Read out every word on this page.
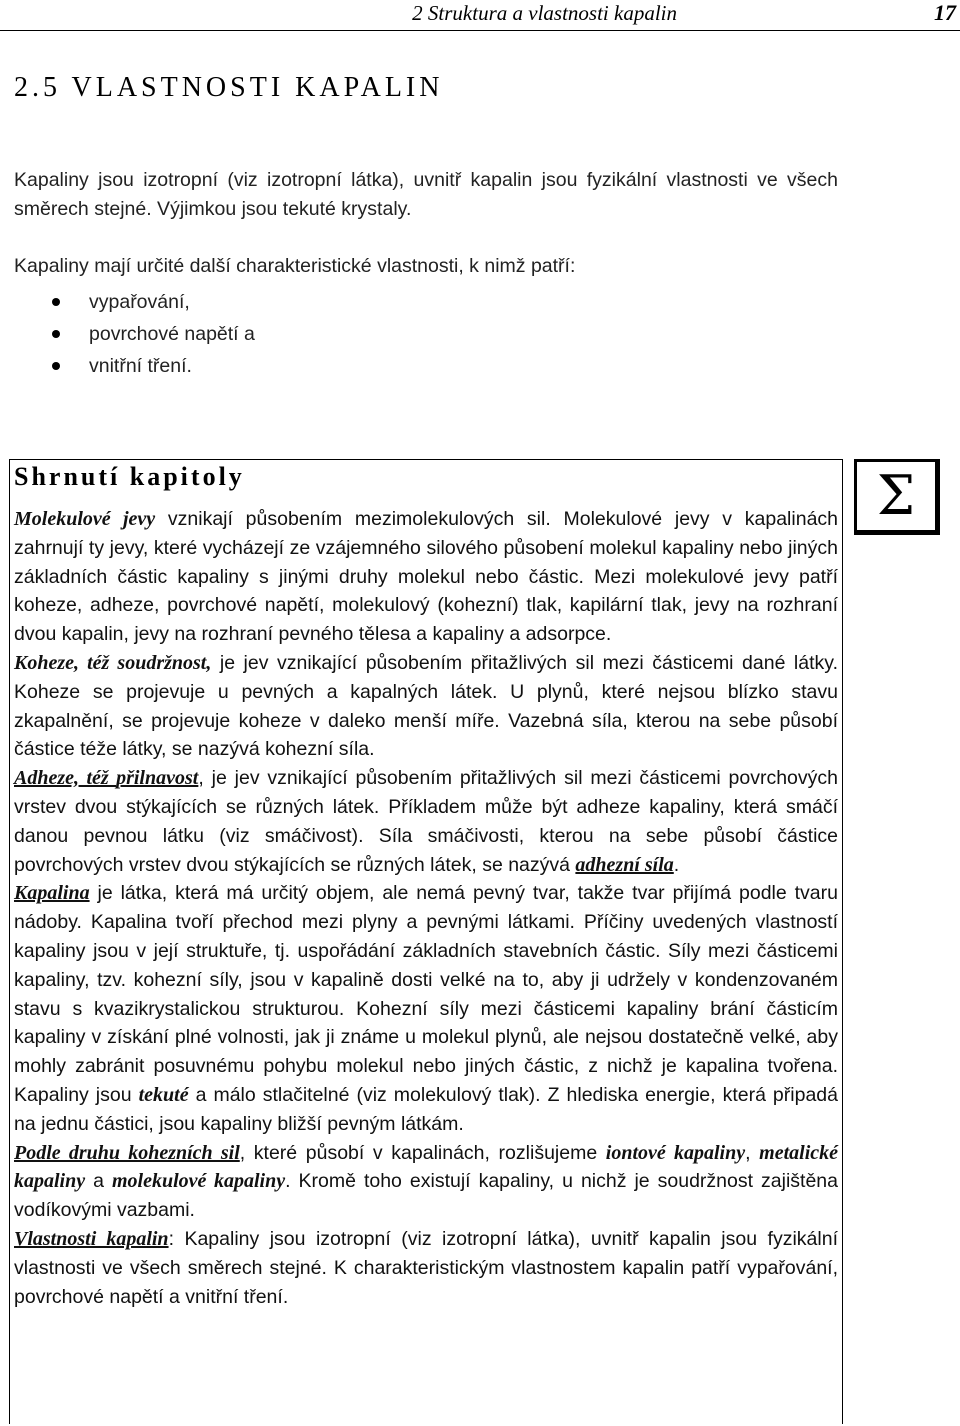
2 Struktura a vlastnosti kapalin	17
2.5 VLASTNOSTI KAPALIN
Kapaliny jsou izotropní (viz izotropní látka), uvnitř kapalin jsou fyzikální vlastnosti ve všech směrech stejné. Výjimkou jsou tekuté krystaly.
Kapaliny mají určité další charakteristické vlastnosti, k nimž patří:
vypařování,
povrchové napětí a
vnitřní tření.
Shrnutí kapitoly	Σ

Molekulové jevy vznikají působením mezimolekulových sil. Molekulové jevy v kapalinách zahrnují ty jevy, které vycházejí ze vzájemného silového působení molekul kapaliny nebo jiných základních částic kapaliny s jinými druhy molekul nebo částic. Mezi molekulové jevy patří koheze, adheze, povrchové napětí, molekulový (kohezní) tlak, kapilární tlak, jevy na rozhraní dvou kapalin, jevy na rozhraní pevného tělesa a kapaliny a adsorpce.

Koheze, též soudržnost, je jev vznikající působením přitažlivých sil mezi částicemi dané látky. Koheze se projevuje u pevných a kapalných látek. U plynů, které nejsou blízko stavu zkapalnění, se projevuje koheze v daleko menší míře. Vazebná síla, kterou na sebe působí částice téže látky, se nazývá kohezní síla.

Adheze, též přilnavost, je jev vznikající působením přitažlivých sil mezi částicemi povrchových vrstev dvou stýkajících se různých látek. Příkladem může být adheze kapaliny, která smáčí danou pevnou látku (viz smáčivost). Síla smáčivosti, kterou na sebe působí částice povrchových vrstev dvou stýkajících se různých látek, se nazývá adhezní síla.

Kapalina je látka, která má určitý objem, ale nemá pevný tvar, takže tvar přijímá podle tvaru nádoby. Kapalina tvoří přechod mezi plyny a pevnými látkami. Příčiny uvedených vlastností kapaliny jsou v její struktuře, tj. uspořádání základních stavebních částic. Síly mezi částicemi kapaliny, tzv. kohezní síly, jsou v kapalině dosti velké na to, aby ji udržely v kondenzovaném stavu s kvazikrystalickou strukturou. Kohezní síly mezi částicemi kapaliny brání částicím kapaliny v získání plné volnosti, jak ji známe u molekul plynů, ale nejsou dostatečně velké, aby mohly zabránit posuvnému pohybu molekul nebo jiných částic, z nichž je kapalina tvořena. Kapaliny jsou tekuté a málo stlačitelné (viz molekulový tlak). Z hlediska energie, která připadá na jednu částici, jsou kapaliny bližší pevným látkám.

Podle druhu kohezních sil, které působí v kapalinách, rozlišujeme iontové kapaliny, metalické kapaliny a molekulové kapaliny. Kromě toho existují kapaliny, u nichž je soudržnost zajištěna vodíkovými vazbami.

Vlastnosti kapalin: Kapaliny jsou izotropní (viz izotropní látka), uvnitř kapalin jsou fyzikální vlastnosti ve všech směrech stejné. K charakteristickým vlastnostem kapalin patří vypařování, povrchové napětí a vnitřní tření.
